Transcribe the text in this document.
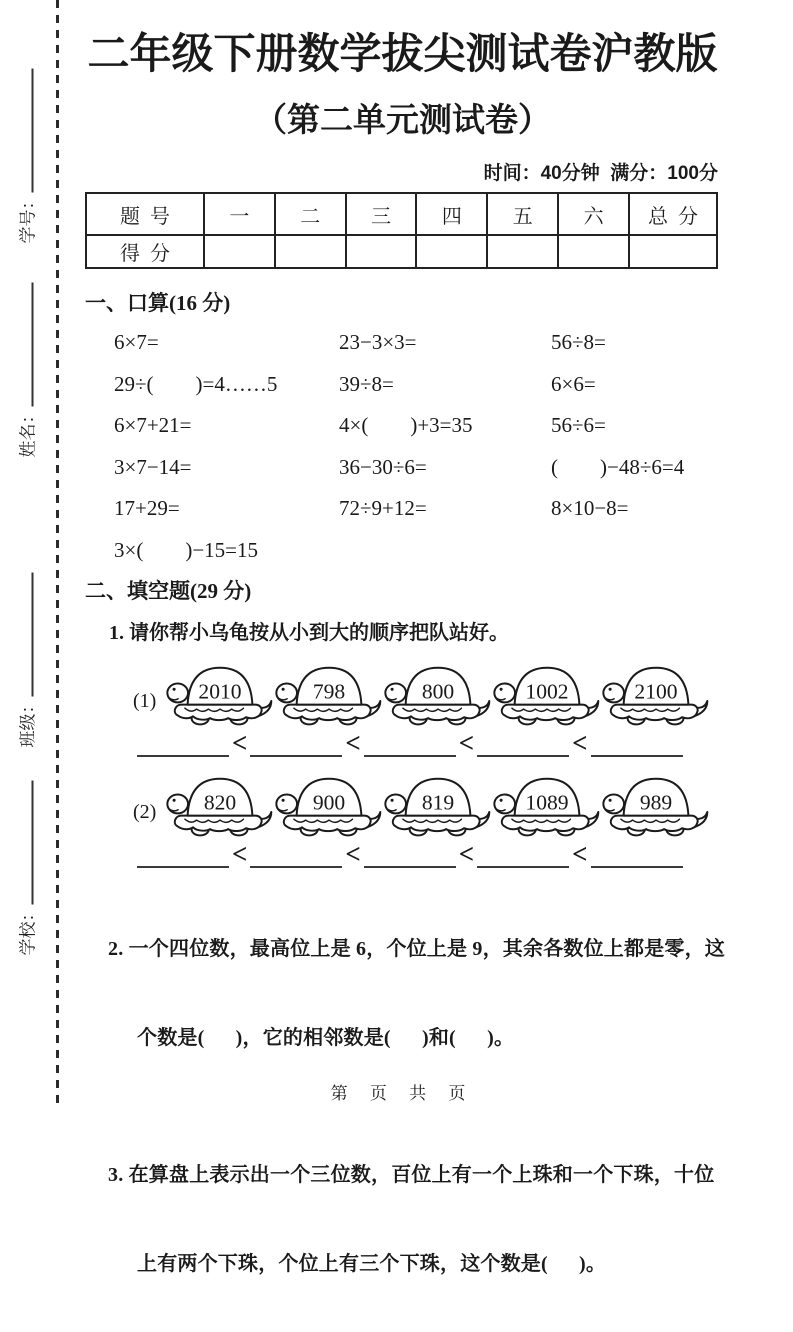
学号：
姓名：
班级：
学校：
二年级下册数学拔尖测试卷沪教版
（第二单元测试卷）
时间：40分钟  满分：100分
题  号	一	二	三	四	五	六	总  分
得  分							
一、口算(16 分)
6×7=	23−3×3=	56÷8=
29÷(        )=4……5	39÷8=	6×6=
6×7+21=	4×(        )+3=35	56÷6=
3×7−14=	36−30÷6=	(        )−48÷6=4
17+29=	72÷9+12=	8×10−8=
3×(        )−15=15
二、填空题(29 分)
1. 请你帮小乌龟按从小到大的顺序把队站好。
(1)	2010	798	800	1002	2100
<	<	<	<
(2)	820	900	819	1089	989
<	<	<	<

2. 一个四位数，最高位上是 6，个位上是 9，其余各数位上都是零，这

个数是(      )，它的相邻数是(      )和(      )。

3. 在算盘上表示出一个三位数，百位上有一个上珠和一个下珠，十位

上有两个下珠，个位上有三个下珠，这个数是(      )。

第 页 共 页
